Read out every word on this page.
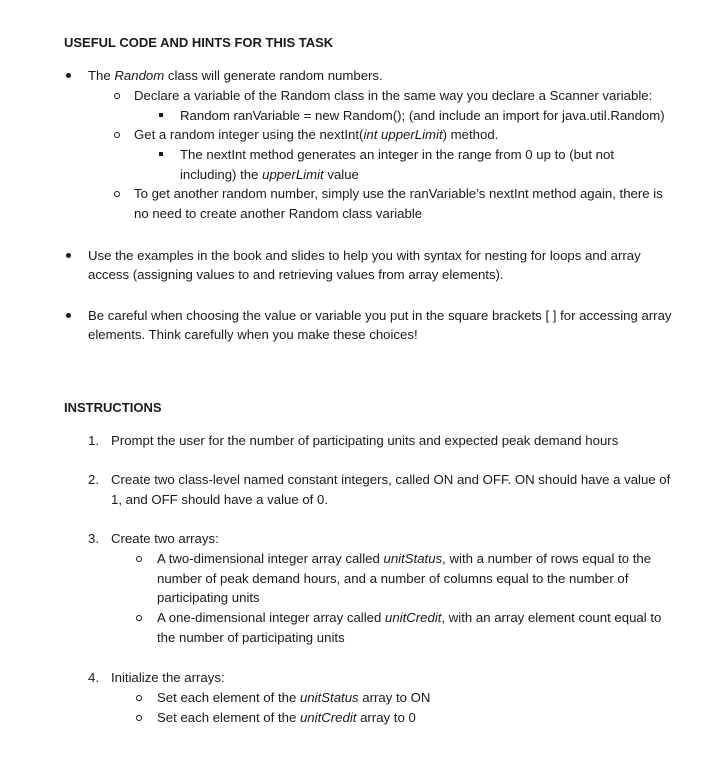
USEFUL CODE AND HINTS FOR THIS TASK
The Random class will generate random numbers.
Declare a variable of the Random class in the same way you declare a Scanner variable:
Random ranVariable = new Random(); (and include an import for java.util.Random)
Get a random integer using the nextInt(int upperLimit) method.
The nextInt method generates an integer in the range from 0 up to (but not
including) the upperLimit value
To get another random number, simply use the ranVariable’s nextInt method again, there is
no need to create another Random class variable
Use the examples in the book and slides to help you with syntax for nesting for loops and array
access (assigning values to and retrieving values from array elements).
Be careful when choosing the value or variable you put in the square brackets [ ] for accessing array
elements. Think carefully when you make these choices!
INSTRUCTIONS
1. Prompt the user for the number of participating units and expected peak demand hours
2. Create two class-level named constant integers, called ON and OFF. ON should have a value of
1, and OFF should have a value of 0.
3. Create two arrays:
A two-dimensional integer array called unitStatus, with a number of rows equal to the
number of peak demand hours, and a number of columns equal to the number of
participating units
A one-dimensional integer array called unitCredit, with an array element count equal to
the number of participating units
4. Initialize the arrays:
Set each element of the unitStatus array to ON
Set each element of the unitCredit array to 0
